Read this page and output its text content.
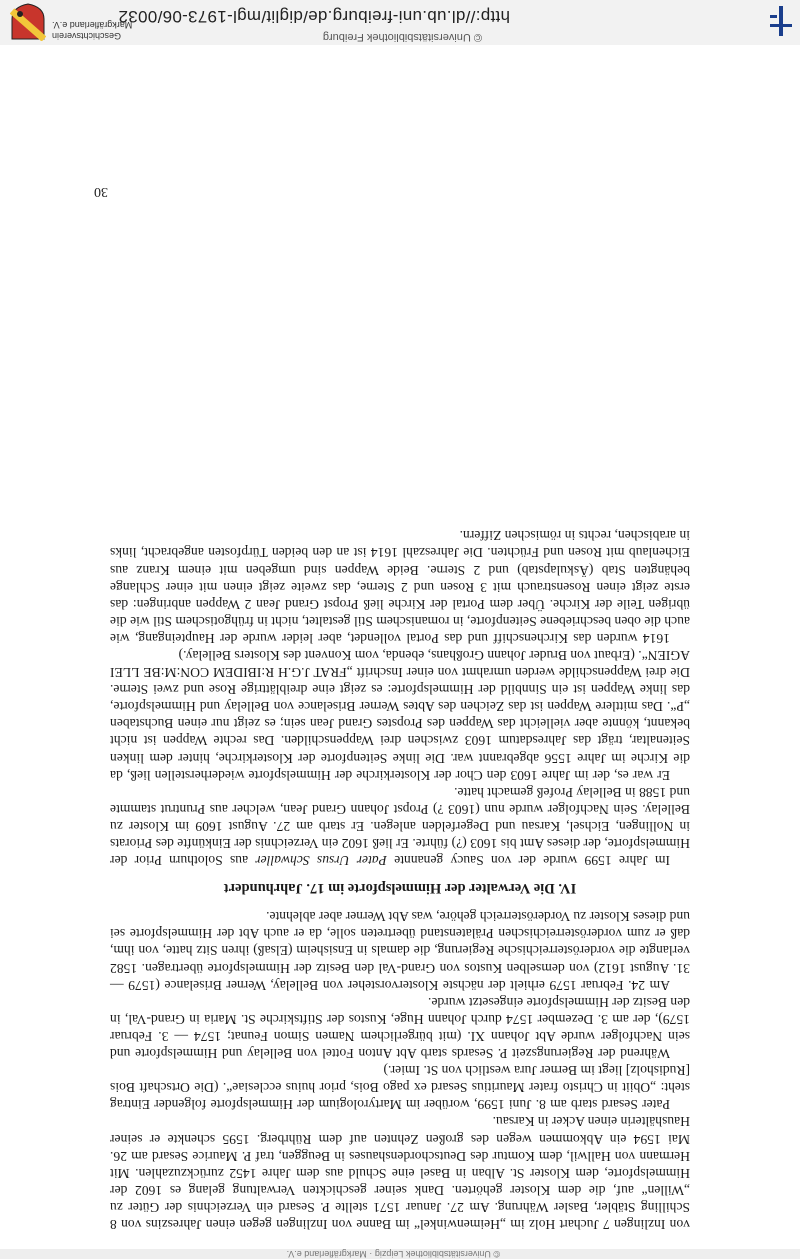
© Universitätsbibliothek Leipzig · Markgräflerland e.V.

von Inzlingen 7 Juchart Holz im „Heimenwinkel“ im Banne von Inzlingen gegen einen Jahreszins von 8 Schilling Stäbler, Basler Währung. Am 27. Januar 1571 stellte P. Sesard ein Verzeichnis der Güter zu „Willen“ auf, die dem Kloster gehörten. Dank seiner geschickten Verwaltung gelang es 1602 der Himmelspforte, dem Kloster St. Alban in Basel eine Schuld aus dem Jahre 1452 zurückzuzahlen. Mit Hermann von Hallwil, dem Komtur des Deutschordenshauses in Beuggen, traf P. Maurice Sesard am 26. Mai 1594 ein Abkommen wegen des großen Zehnten auf dem Rührberg. 1595 schenkte er seiner Haushälterin einen Acker in Karsau.

Pater Sesard starb am 8. Juni 1599, worüber im Martyrologium der Himmelspforte folgender Eintrag steht: „Obiit in Christo frater Mauritius Sesard ex pago Bois, prior huius ecclesiae“. (Die Ortschaft Bois [Rudisholz] liegt im Berner Jura westlich von St. Imier.)

Während der Regierungszeit P. Sesards starb Abt Anton Fottel von Bellelay und Himmelspforte und sein Nachfolger wurde Abt Johann XI. (mit bürgerlichem Namen Simon Feunat; 1574 — 3. Februar 1579), der am 3. Dezember 1574 durch Johann Huge, Kustos der Stiftskirche St. Maria in Grand-Val, in den Besitz der Himmelspforte eingesetzt wurde.

Am 24. Februar 1579 erhielt der nächste Klostervorsteher von Bellelay, Werner Briselance (1579 — 31. August 1612) von demselben Kustos von Grand-Val den Besitz der Himmelspforte übertragen. 1582 verlangte die vorderösterreichische Regierung, die damals in Ensisheim (Elsaß) ihren Sitz hatte, von ihm, daß er zum vorderösterreichischen Prälatenstand übertreten solle, da er auch Abt der Himmelspforte sei und dieses Kloster zu Vorderösterreich gehöre, was Abt Werner aber ablehnte.

IV. Die Verwalter der Himmelspforte im 17. Jahrhundert

Im Jahre 1599 wurde der von Saucy genannte Pater Ursus Schwaller aus Solothurn Prior der Himmelspforte, der dieses Amt bis 1603 (?) führte. Er ließ 1602 ein Verzeichnis der Einkünfte des Priorats in Nollingen, Eichsel, Karsau und Degerfelden anlegen. Er starb am 27. August 1609 im Kloster zu Bellelay. Sein Nachfolger wurde nun (1603 ?) Propst Johann Grand Jean, welcher aus Pruntrut stammte und 1588 in Bellelay Profeß gemacht hatte.

Er war es, der im Jahre 1603 den Chor der Klosterkirche der Himmelspforte wiederherstellen ließ, da die Kirche im Jahre 1556 abgebrannt war. Die linke Seitenpforte der Klosterkirche, hinter dem linken Seitenaltar, trägt das Jahresdatum 1603 zwischen drei Wappenschilden. Das rechte Wappen ist nicht bekannt, könnte aber vielleicht das Wappen des Propstes Grand Jean sein; es zeigt nur einen Buchstaben „P“. Das mittlere Wappen ist das Zeichen des Abtes Werner Briselance von Bellelay und Himmelspforte, das linke Wappen ist ein Sinnbild der Himmelspforte: es zeigt eine dreiblättrige Rose und zwei Sterne. Die drei Wappenschilde werden umrahmt von einer Inschrift „FRAT J.G.H R:IBIDEM CON:M:BE LLEI AGIEN“. (Erbaut von Bruder Johann Großhans, ebenda, vom Konvent des Klosters Bellelay.)

1614 wurden das Kirchenschiff und das Portal vollendet, aber leider wurde der Haupteingang, wie auch die oben beschriebene Seitenpforte, in romanischem Stil gestaltet, nicht in frühgotischem Stil wie die übrigen Teile der Kirche. Über dem Portal der Kirche ließ Propst Grand Jean 2 Wappen anbringen: das erste zeigt einen Rosenstrauch mit 3 Rosen und 2 Sterne, das zweite zeigt einen mit einer Schlange behängten Stab (Äskulapstab) und 2 Sterne. Beide Wappen sind umgeben mit einem Kranz aus Eichenlaub mit Rosen und Früchten. Die Jahreszahl 1614 ist an den beiden Türpfosten angebracht, links in arabischen, rechts in römischen Ziffern.

30
© Universitätsbibliothek Freiburg
http://dl.ub.uni-freiburg.de/diglit/mgl-1973-06/0032
Geschichtsverein Markgräflerland e.V.
